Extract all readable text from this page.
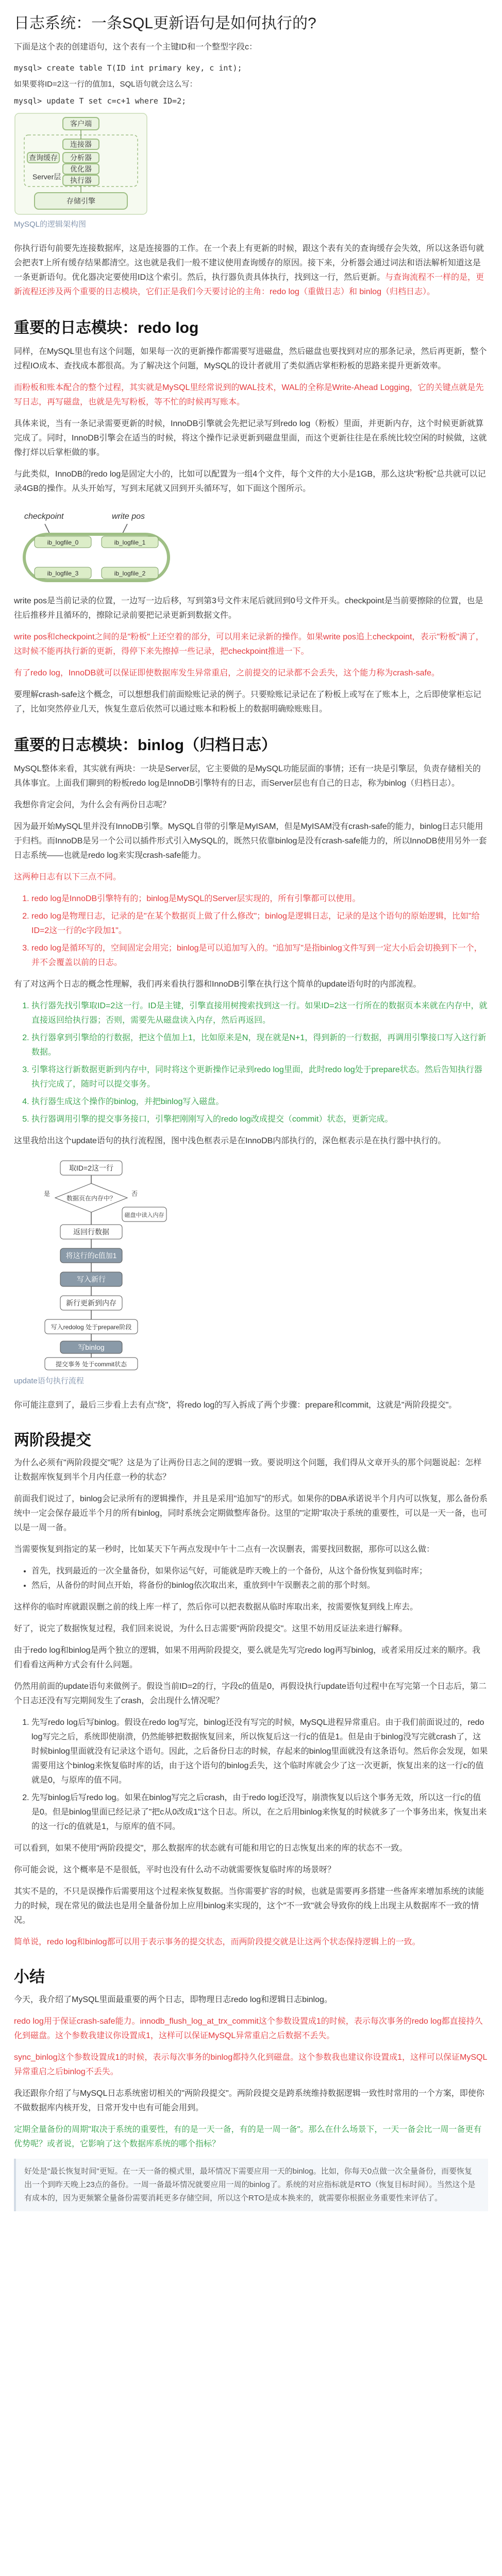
日志系统：一条SQL更新语句是如何执行的?

下面是这个表的创建语句，这个表有一个主键ID和一个整型字段c：

mysql> create table T(ID int primary key, c int);
如果要将ID=2这一行的值加1，SQL语句就会这么写：
mysql> update T set c=c+1 where ID=2;
客户端
连接器
查询缓存 分析器
优化器
执行器
Server层
存储引擎
MySQL的逻辑架构图

你执行语句前要先连接数据库，这是连接器的工作。在一个表上有更新的时候，跟这个表有关的查询缓存会失效，所以这条语句就会把表T上所有缓存结果都清空。这也就是我们一般不建议使用查询缓存的原因。接下来，分析器会通过词法和语法解析知道这是一条更新语句。优化器决定要使用ID这个索引。然后，执行器负责具体执行，找到这一行，然后更新。与查询流程不一样的是，更新流程还涉及两个重要的日志模块，它们正是我们今天要讨论的主角：redo log（重做日志）和 binlog（归档日志）。

重要的日志模块：redo log

同样，在MySQL里也有这个问题，如果每一次的更新操作都需要写进磁盘，然后磁盘也要找到对应的那条记录，然后再更新，整个过程IO成本、查找成本都很高。为了解决这个问题，MySQL的设计者就用了类似酒店掌柜粉板的思路来提升更新效率。

而粉板和账本配合的整个过程，其实就是MySQL里经常说到的WAL技术，WAL的全称是Write-Ahead Logging，它的关键点就是先写日志，再写磁盘，也就是先写粉板，等不忙的时候再写账本。

具体来说，当有一条记录需要更新的时候，InnoDB引擎就会先把记录写到redo log（粉板）里面，并更新内存，这个时候更新就算完成了。同时，InnoDB引擎会在适当的时候，将这个操作记录更新到磁盘里面，而这个更新往往是在系统比较空闲的时候做，这就像打烊以后掌柜做的事。

与此类似，InnoDB的redo log是固定大小的，比如可以配置为一组4个文件，每个文件的大小是1GB，那么这块"粉板"总共就可以记录4GB的操作。从头开始写，写到末尾就又回到开头循环写，如下面这个图所示。

checkpoint	write pos
ib_logfile_0	ib_logfile_1
ib_logfile_2
ib_logfile_3

write pos是当前记录的位置，一边写一边后移，写到第3号文件末尾后就回到0号文件开头。checkpoint是当前要擦除的位置，也是往后推移并且循环的，擦除记录前要把记录更新到数据文件。

write pos和checkpoint之间的是"粉板"上还空着的部分，可以用来记录新的操作。如果write pos追上checkpoint，表示"粉板"满了，这时候不能再执行新的更新，得停下来先擦掉一些记录，把checkpoint推进一下。

有了redo log，InnoDB就可以保证即使数据库发生异常重启，之前提交的记录都不会丢失，这个能力称为crash-safe。

要理解crash-safe这个概念，可以想想我们前面赊账记录的例子。只要赊账记录记在了粉板上或写在了账本上，之后即使掌柜忘记了，比如突然停业几天，恢复生意后依然可以通过账本和粉板上的数据明确赊账账目。

重要的日志模块：binlog（归档日志）

MySQL整体来看，其实就有两块：一块是Server层，它主要做的是MySQL功能层面的事情；还有一块是引擎层，负责存储相关的具体事宜。上面我们聊到的粉板redo log是InnoDB引擎特有的日志，而Server层也有自己的日志，称为binlog（归档日志）。

我想你肯定会问，为什么会有两份日志呢？

因为最开始MySQL里并没有InnoDB引擎。MySQL自带的引擎是MyISAM，但是MyISAM没有crash-safe的能力，binlog日志只能用于归档。而InnoDB是另一个公司以插件形式引入MySQL的，既然只依靠binlog是没有crash-safe能力的，所以InnoDB使用另外一套日志系统——也就是redo log来实现crash-safe能力。

这两种日志有以下三点不同。

1. redo log是InnoDB引擎特有的；binlog是MySQL的Server层实现的，所有引擎都可以使用。
2. redo log是物理日志，记录的是"在某个数据页上做了什么修改"；binlog是逻辑日志，记录的是这个语句的原始逻辑，比如"给ID=2这一行的c字段加1"。
3. redo log是循环写的，空间固定会用完；binlog是可以追加写入的。"追加写"是指binlog文件写到一定大小后会切换到下一个，并不会覆盖以前的日志。

有了对这两个日志的概念性理解，我们再来看执行器和InnoDB引擎在执行这个简单的update语句时的内部流程。

1. 执行器先找引擎取ID=2这一行。ID是主键，引擎直接用树搜索找到这一行。如果ID=2这一行所在的数据页本来就在内存中，就直接返回给执行器；否则，需要先从磁盘读入内存，然后再返回。
2. 执行器拿到引擎给的行数据，把这个值加上1，比如原来是N，现在就是N+1，得到新的一行数据，再调用引擎接口写入这行新数据。
3. 引擎将这行新数据更新到内存中，同时将这个更新操作记录到redo log里面，此时redo log处于prepare状态。然后告知执行器执行完成了，随时可以提交事务。
4. 执行器生成这个操作的binlog，并把binlog写入磁盘。
5. 执行器调用引擎的提交事务接口，引擎把刚刚写入的redo log改成提交（commit）状态，更新完成。

这里我给出这个update语句的执行流程图，图中浅色框表示是在InnoDB内部执行的，深色框表示是在执行器中执行的。

取ID=2这一行
数据页在内存中？
是	否
磁盘中读入内存
返回行数据
将这行的c值加1
写入新行
新行更新到内存
写入redolog 处于prepare阶段
写binlog
提交事务 处于commit状态
update语句执行流程

你可能注意到了，最后三步看上去有点"绕"，将redo log的写入拆成了两个步骤：prepare和commit，这就是"两阶段提交"。

两阶段提交

为什么必须有"两阶段提交"呢？这是为了让两份日志之间的逻辑一致。要说明这个问题，我们得从文章开头的那个问题说起：怎样让数据库恢复到半个月内任意一秒的状态？

前面我们说过了，binlog会记录所有的逻辑操作，并且是采用"追加写"的形式。如果你的DBA承诺说半个月内可以恢复，那么备份系统中一定会保存最近半个月的所有binlog，同时系统会定期做整库备份。这里的"定期"取决于系统的重要性，可以是一天一备，也可以是一周一备。

当需要恢复到指定的某一秒时，比如某天下午两点发现中午十二点有一次误删表，需要找回数据，那你可以这么做：

• 首先，找到最近的一次全量备份，如果你运气好，可能就是昨天晚上的一个备份，从这个备份恢复到临时库；
• 然后，从备份的时间点开始，将备份的binlog依次取出来，重放到中午误删表之前的那个时刻。

这样你的临时库就跟误删之前的线上库一样了，然后你可以把表数据从临时库取出来，按需要恢复到线上库去。

好了，说完了数据恢复过程，我们回来说说，为什么日志需要"两阶段提交"。这里不妨用反证法来进行解释。

由于redo log和binlog是两个独立的逻辑，如果不用两阶段提交，要么就是先写完redo log再写binlog，或者采用反过来的顺序。我们看看这两种方式会有什么问题。

仍然用前面的update语句来做例子。假设当前ID=2的行，字段c的值是0，再假设执行update语句过程中在写完第一个日志后，第二个日志还没有写完期间发生了crash，会出现什么情况呢？

1. 先写redo log后写binlog。假设在redo log写完，binlog还没有写完的时候，MySQL进程异常重启。由于我们前面说过的，redo log写完之后，系统即使崩溃，仍然能够把数据恢复回来，所以恢复后这一行c的值是1。但是由于binlog没写完就crash了，这时候binlog里面就没有记录这个语句。因此，之后备份日志的时候，存起来的binlog里面就没有这条语句。然后你会发现，如果需要用这个binlog来恢复临时库的话，由于这个语句的binlog丢失，这个临时库就会少了这一次更新，恢复出来的这一行c的值就是0，与原库的值不同。
2. 先写binlog后写redo log。如果在binlog写完之后crash，由于redo log还没写，崩溃恢复以后这个事务无效，所以这一行c的值是0。但是binlog里面已经记录了"把c从0改成1"这个日志。所以，在之后用binlog来恢复的时候就多了一个事务出来，恢复出来的这一行c的值就是1，与原库的值不同。

可以看到，如果不使用"两阶段提交"，那么数据库的状态就有可能和用它的日志恢复出来的库的状态不一致。

你可能会说，这个概率是不是很低，平时也没有什么动不动就需要恢复临时库的场景呀？

其实不是的，不只是误操作后需要用这个过程来恢复数据。当你需要扩容的时候，也就是需要再多搭建一些备库来增加系统的读能力的时候，现在常见的做法也是用全量备份加上应用binlog来实现的，这个"不一致"就会导致你的线上出现主从数据库不一致的情况。

简单说，redo log和binlog都可以用于表示事务的提交状态，而两阶段提交就是让这两个状态保持逻辑上的一致。

小结

今天，我介绍了MySQL里面最重要的两个日志，即物理日志redo log和逻辑日志binlog。

redo log用于保证crash-safe能力。innodb_flush_log_at_trx_commit这个参数设置成1的时候，表示每次事务的redo log都直接持久化到磁盘。这个参数我建议你设置成1，这样可以保证MySQL异常重启之后数据不丢失。

sync_binlog这个参数设置成1的时候，表示每次事务的binlog都持久化到磁盘。这个参数我也建议你设置成1，这样可以保证MySQL异常重启之后binlog不丢失。

我还跟你介绍了与MySQL日志系统密切相关的"两阶段提交"。两阶段提交是跨系统维持数据逻辑一致性时常用的一个方案，即使你不做数据库内核开发，日常开发中也有可能会用到。

定期全量备份的周期"取决于系统的重要性，有的是一天一备，有的是一周一备"。那么在什么场景下，一天一备会比一周一备更有优势呢？或者说，它影响了这个数据库系统的哪个指标？

好处是"最长恢复时间"更短。在一天一备的模式里，最坏情况下需要应用一天的binlog。比如，你每天0点做一次全量备份，而要恢复出一个到昨天晚上23点的备份。一周一备最坏情况就要应用一周的binlog了。系统的对应指标就是RTO（恢复目标时间）。当然这个是有成本的，因为更频繁全量备份需要消耗更多存储空间，所以这个RTO是成本换来的，就需要你根据业务重要性来评估了。
